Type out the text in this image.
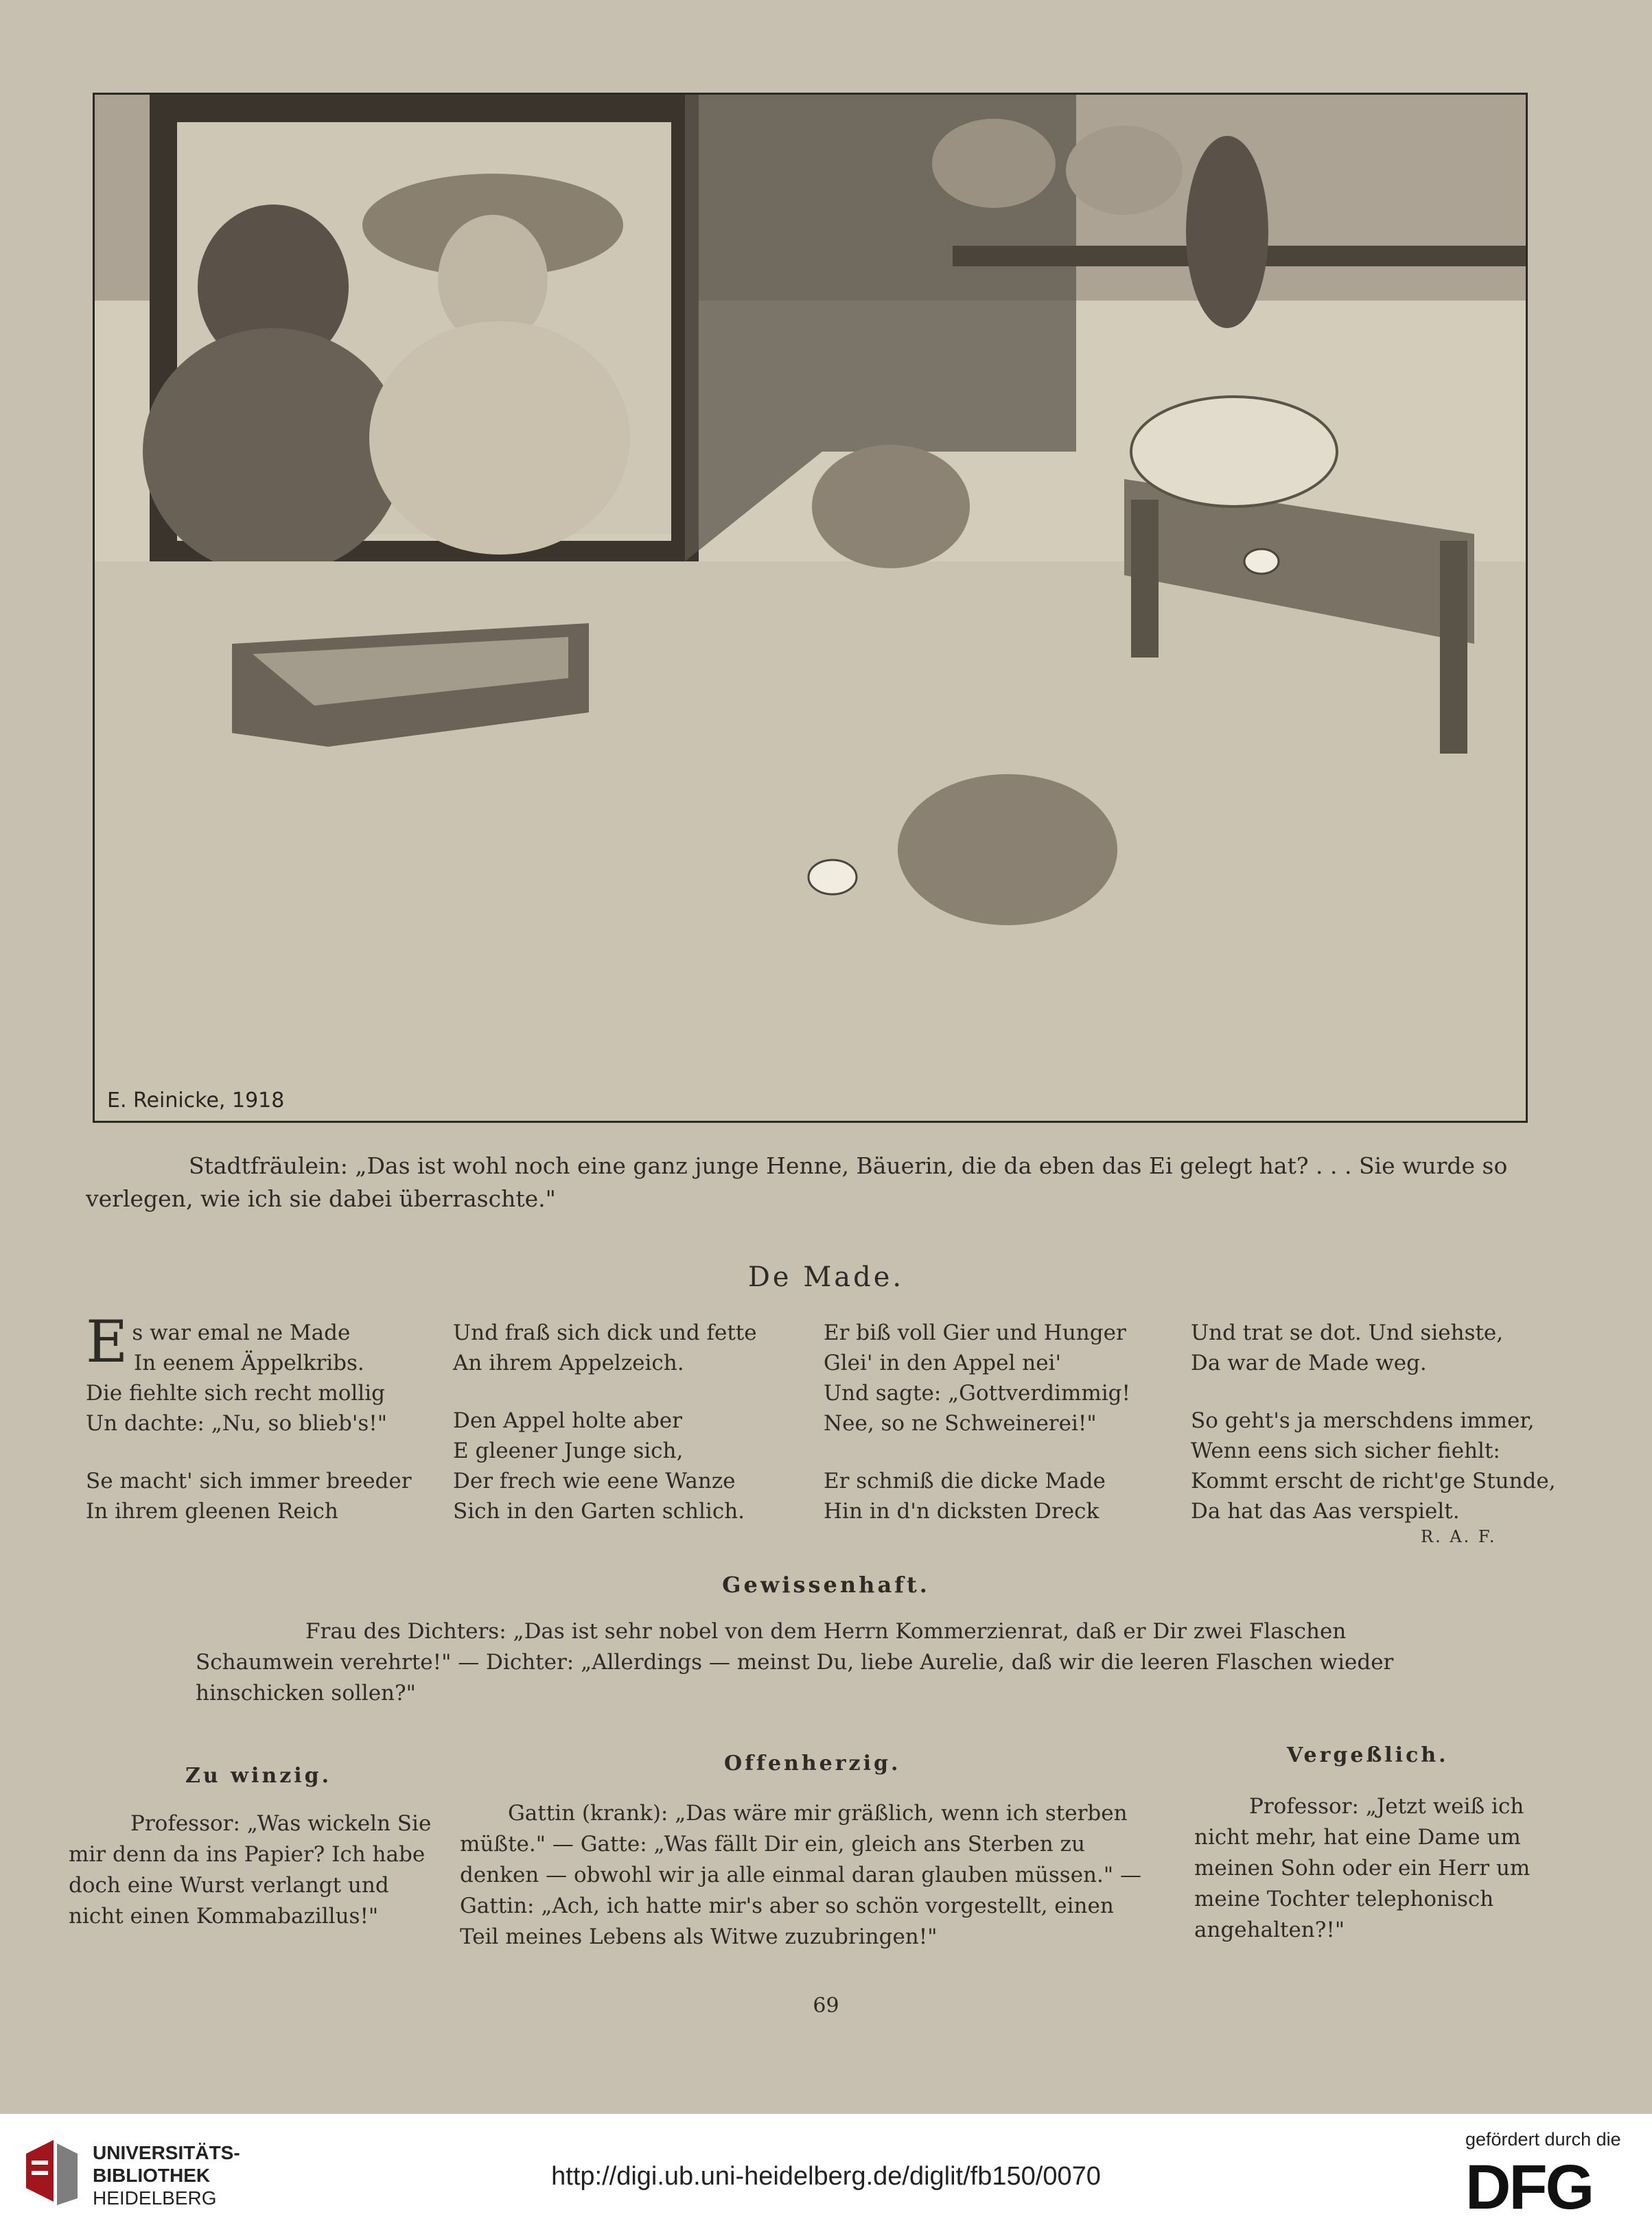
E. Reinicke, 1918
Stadtfräulein: „Das ist wohl noch eine ganz junge Henne, Bäuerin, die da eben das Ei gelegt hat? . . . Sie wurde so verlegen, wie ich sie dabei überraschte."
De Made.
E s war emal ne Made
In eenem Äppelkribs.
Die fiehlte sich recht mollig
Un dachte: „Nu, so blieb's!"
Se macht' sich immer breeder
In ihrem gleenen Reich
Und fraß sich dick und fette
An ihrem Appelzeich.
Den Appel holte aber
E gleener Junge sich,
Der frech wie eene Wanze
Sich in den Garten schlich.
Er biß voll Gier und Hunger
Glei' in den Appel nei'
Und sagte: „Gottverdimmig!
Nee, so ne Schweinerei!"
Er schmiß die dicke Made
Hin in d'n dicksten Dreck
Und trat se dot. Und siehste,
Da war de Made weg.
So geht's ja merschdens immer,
Wenn eens sich sicher fiehlt:
Kommt erscht de richt'ge Stunde,
Da hat das Aas verspielt.
R. A. F.
Gewissenhaft.
Frau des Dichters: „Das ist sehr nobel von dem Herrn Kommerzienrat, daß er Dir zwei Flaschen Schaumwein verehrte!" — Dichter: „Allerdings — meinst Du, liebe Aurelie, daß wir die leeren Flaschen wieder hinschicken sollen?"
Zu winzig.
Professor: „Was wickeln Sie mir denn da ins Papier? Ich habe doch eine Wurst verlangt und nicht einen Kommabazillus!"
Offenherzig.
Gattin (krank): „Das wäre mir gräßlich, wenn ich sterben müßte." — Gatte: „Was fällt Dir ein, gleich ans Sterben zu denken — obwohl wir ja alle einmal daran glauben müssen." — Gattin: „Ach, ich hatte mir's aber so schön vorgestellt, einen Teil meines Lebens als Witwe zuzubringen!"
Vergeßlich.
Professor: „Jetzt weiß ich nicht mehr, hat eine Dame um meinen Sohn oder ein Herr um meine Tochter telephonisch angehalten?!"
69
UNIVERSITÄTS-
BIBLIOTHEK
HEIDELBERG
http://digi.ub.uni-heidelberg.de/diglit/fb150/0070
gefördert durch die
DFG
